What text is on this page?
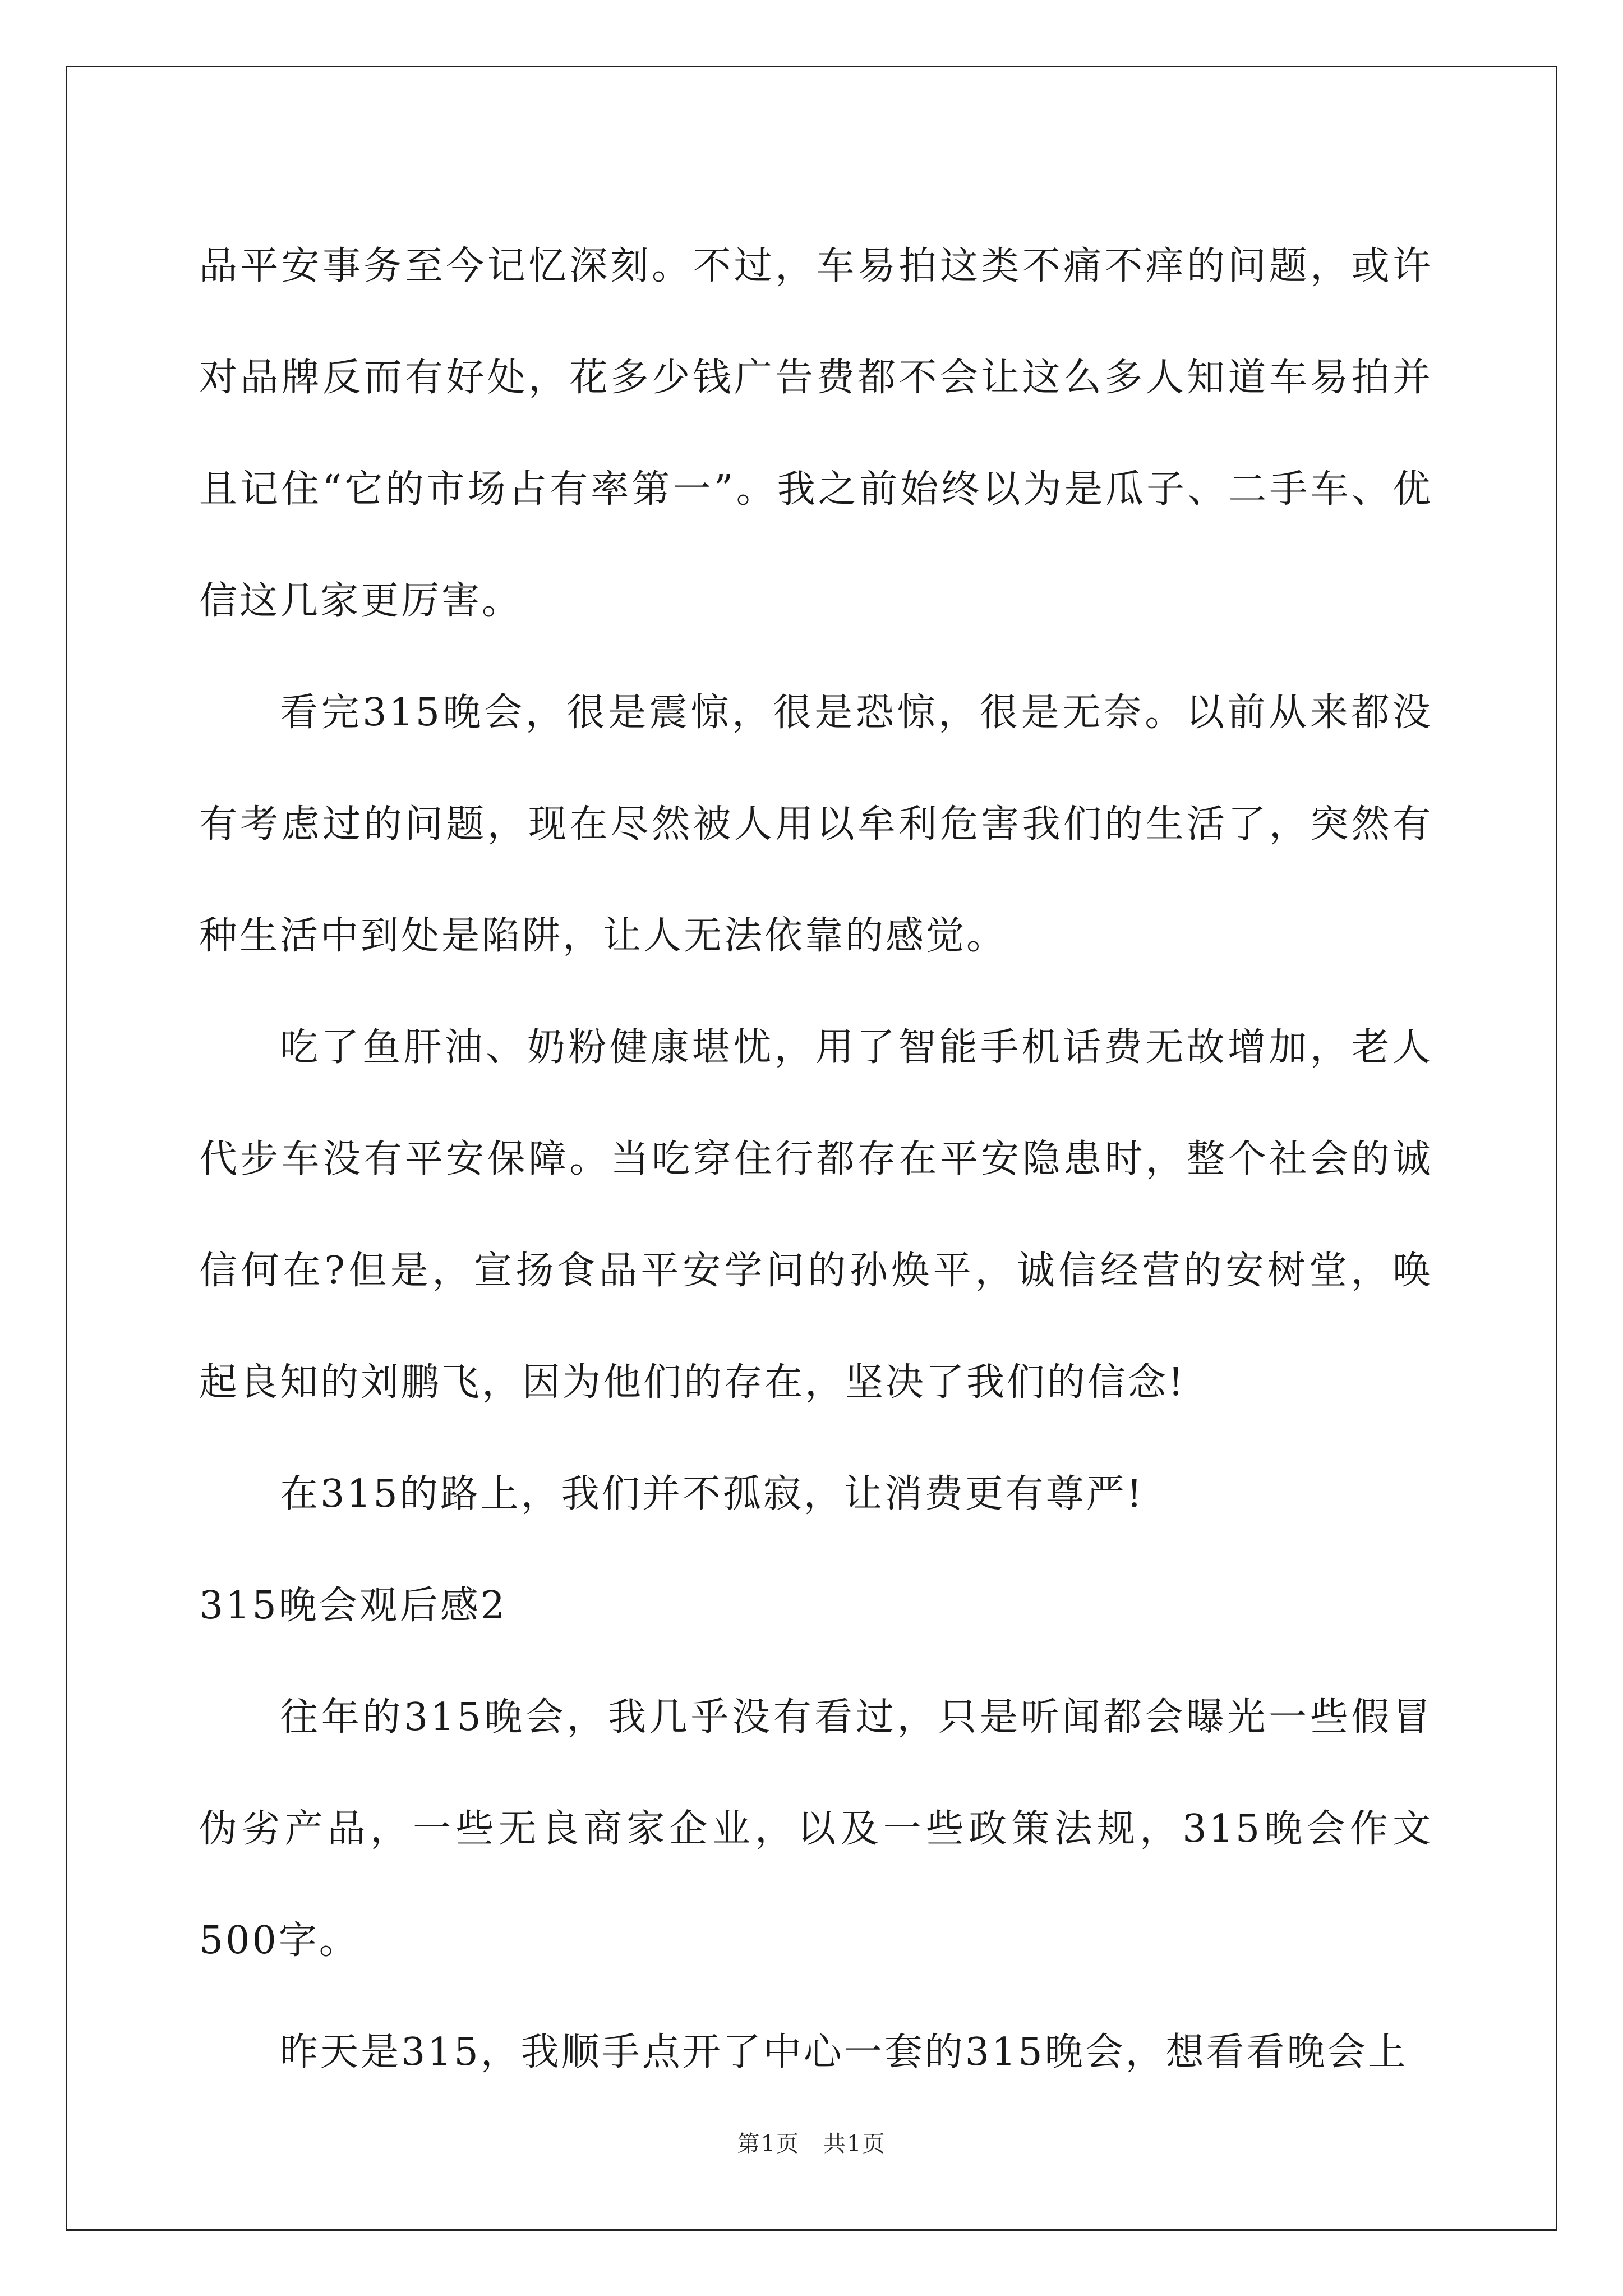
品平安事务至今记忆深刻。不过，车易拍这类不痛不痒的问题，或许对品牌反而有好处，花多少钱广告费都不会让这么多人知道车易拍并且记住“它的市场占有率第一”。我之前始终以为是瓜子、二手车、优信这几家更厉害。

看完315晚会，很是震惊，很是恐惊，很是无奈。以前从来都没有考虑过的问题，现在尽然被人用以牟利危害我们的生活了，突然有种生活中到处是陷阱，让人无法依靠的感觉。

吃了鱼肝油、奶粉健康堪忧，用了智能手机话费无故增加，老人代步车没有平安保障。当吃穿住行都存在平安隐患时，整个社会的诚信何在?但是，宣扬食品平安学问的孙焕平，诚信经营的安树堂，唤起良知的刘鹏飞，因为他们的存在，坚决了我们的信念!

在315的路上，我们并不孤寂，让消费更有尊严!

315晚会观后感2

往年的315晚会，我几乎没有看过，只是听闻都会曝光一些假冒伪劣产品，一些无良商家企业，以及一些政策法规，315晚会作文500字。

昨天是315，我顺手点开了中心一套的315晚会，想看看晚会上

第1页　共1页
